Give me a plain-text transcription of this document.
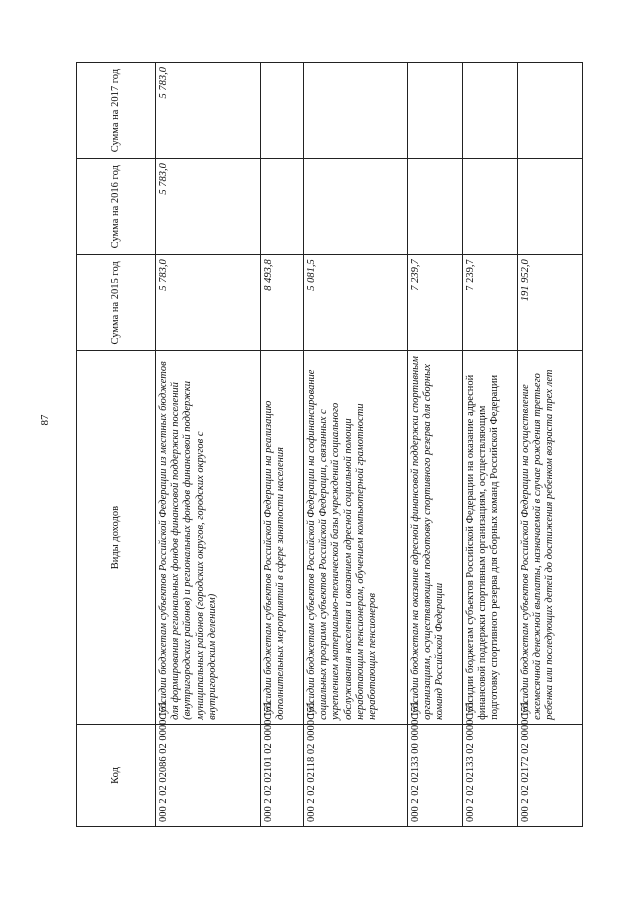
87
Код	Виды доходов	Сумма на 2015 год	Сумма на 2016 год	Сумма на 2017 год
000 2 02 02086 02 0000 151	Субсидии бюджетам субъектов Российской Федерации из местных бюджетов для формирования региональных фондов финансовой поддержки поселений (внутригородских районов) и региональных фондов финансовой поддержки муниципальных районов (городских округов, городских округов с внутригородским делением)	5 783,0	5 783,0	5 783,0
000 2 02 02101 02 0000 151	Субсидии бюджетам субъектов Российской Федерации на реализацию дополнительных мероприятий в сфере занятости населения	8 493,8		
000 2 02 02118 02 0000 151	Субсидии бюджетам субъектов Российской Федерации на софинансирование социальных программ субъектов Российской Федерации, связанных с укреплением материально-технической базы учреждений социального обслуживания населения и оказанием адресной социальной помощи неработающим пенсионерам, обучением компьютерной грамотности неработающих пенсионеров	5 081,5		
000 2 02 02133 00 0000 151	Субсидии бюджетам на оказание адресной финансовой поддержки спортивным организациям, осуществляющим подготовку спортивного резерва для сборных команд Российской Федерации	7 239,7		
000 2 02 02133 02 0000 151	Субсидии бюджетам субъектов Российской Федерации на оказание адресной финансовой поддержки спортивным организациям, осуществляющим подготовку спортивного резерва для сборных команд Российской Федерации	7 239,7		
000 2 02 02172 02 0000 151	Субсидии бюджетам субъектов Российской Федерации на осуществление ежемесячной денежной выплаты, назначаемой в случае рождения третьего ребенка или последующих детей до достижения ребенком возраста трех лет	191 952,0		
